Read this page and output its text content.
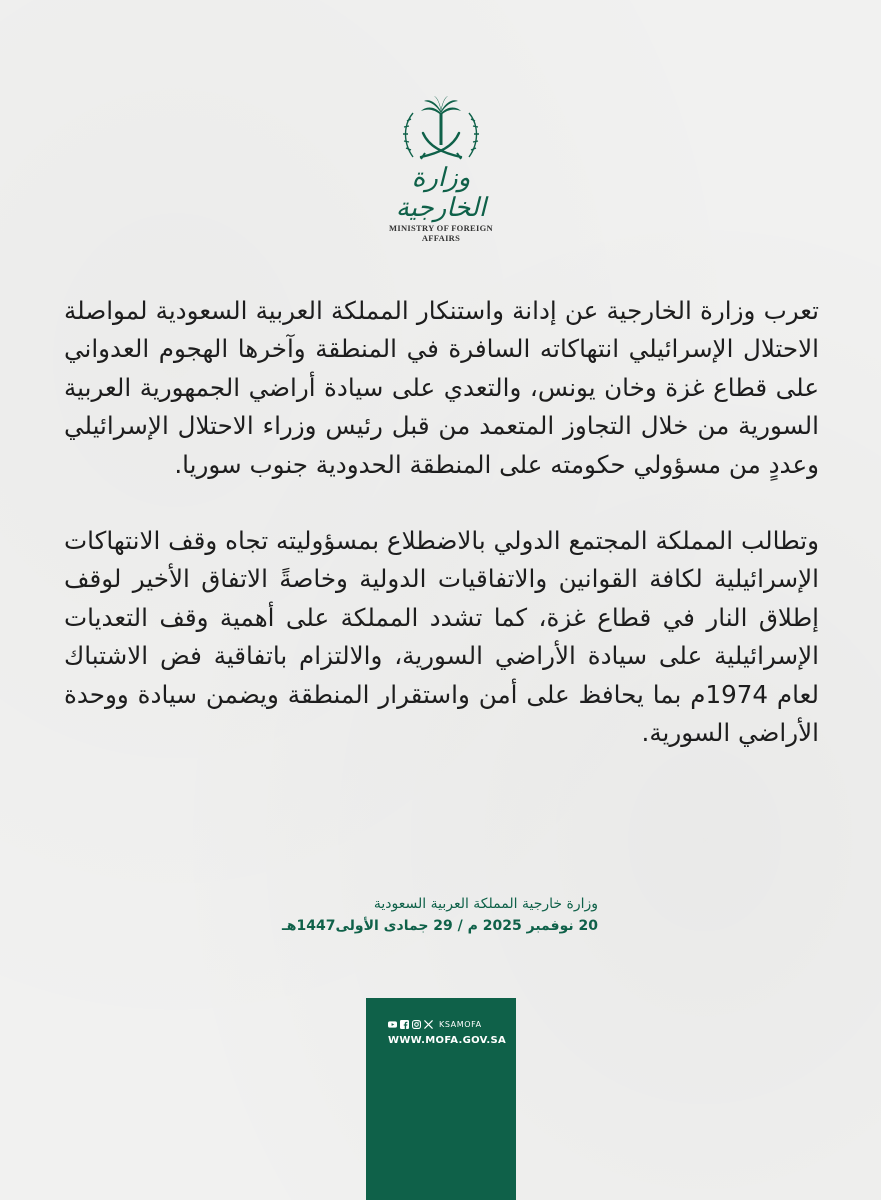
وزارة الخارجية
MINISTRY OF FOREIGN AFFAIRS

تعرب وزارة الخارجية عن إدانة واستنكار المملكة العربية السعودية لمواصلة الاحتلال الإسرائيلي انتهاكاته السافرة في المنطقة وآخرها الهجوم العدواني على قطاع غزة وخان يونس، والتعدي على سيادة أراضي الجمهورية العربية السورية من خلال التجاوز المتعمد من قبل رئيس وزراء الاحتلال الإسرائيلي وعددٍ من مسؤولي حكومته على المنطقة الحدودية جنوب سوريا.

وتطالب المملكة المجتمع الدولي بالاضطلاع بمسؤوليته تجاه وقف الانتهاكات الإسرائيلية لكافة القوانين والاتفاقيات الدولية وخاصةً الاتفاق الأخير لوقف إطلاق النار في قطاع غزة، كما تشدد المملكة على أهمية وقف التعديات الإسرائيلية على سيادة الأراضي السورية، والالتزام باتفاقية فض الاشتباك لعام 1974م بما يحافظ على أمن واستقرار المنطقة ويضمن سيادة ووحدة الأراضي السورية.

وزارة خارجية المملكة العربية السعودية
20 نوفمبر 2025 م / 29 جمادى الأولى1447هـ
KSAMOFA
WWW.MOFA.GOV.SA
